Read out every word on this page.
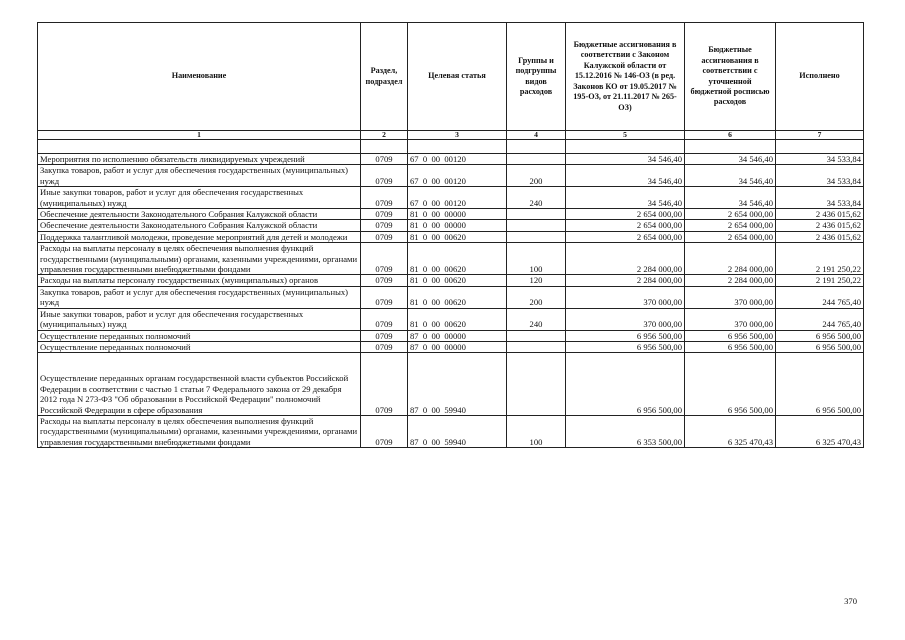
Наименование	Раздел, подраздел	Целевая статья	Группы и подгруппы видов расходов	Бюджетные ассигнования в соответствии с Законом Калужской области от 15.12.2016 № 146-ОЗ (в ред. Законов КО от 19.05.2017 № 195-ОЗ, от 21.11.2017 № 265-ОЗ)	Бюджетные ассигнования в соответствии с уточненной бюджетной росписью расходов	Исполнено
1	2	3	4	5	6	7

Мероприятия по исполнению обязательств ликвидируемых учреждений	0709	67  0  00  00120		34 546,40	34 546,40	34 533,84
Закупка товаров, работ и услуг для обеспечения государственных (муниципальных) нужд	0709	67  0  00  00120	200	34 546,40	34 546,40	34 533,84
Иные закупки товаров, работ и услуг для обеспечения государственных (муниципальных) нужд	0709	67  0  00  00120	240	34 546,40	34 546,40	34 533,84
Обеспечение деятельности Законодательного Собрания Калужской области	0709	81  0  00  00000		2 654 000,00	2 654 000,00	2 436 015,62
Обеспечение деятельности Законодательного Собрания Калужской области	0709	81  0  00  00000		2 654 000,00	2 654 000,00	2 436 015,62
Поддержка талантливой молодежи, проведение мероприятий для детей и молодежи	0709	81  0  00  00620		2 654 000,00	2 654 000,00	2 436 015,62
Расходы на выплаты персоналу в целях обеспечения выполнения функций государственными (муниципальными) органами, казенными учреждениями, органами управления государственными внебюджетными фондами	0709	81  0  00  00620	100	2 284 000,00	2 284 000,00	2 191 250,22
Расходы на выплаты персоналу государственных (муниципальных) органов	0709	81  0  00  00620	120	2 284 000,00	2 284 000,00	2 191 250,22
Закупка товаров, работ и услуг для обеспечения государственных (муниципальных) нужд	0709	81  0  00  00620	200	370 000,00	370 000,00	244 765,40
Иные закупки товаров, работ и услуг для обеспечения государственных (муниципальных) нужд	0709	81  0  00  00620	240	370 000,00	370 000,00	244 765,40
Осуществление переданных полномочий	0709	87  0  00  00000		6 956 500,00	6 956 500,00	6 956 500,00
Осуществление переданных полномочий	0709	87  0  00  00000		6 956 500,00	6 956 500,00	6 956 500,00
Осуществление переданных органам государственной власти субъектов Российской Федерации в соответствии с частью 1 статьи 7 Федерального закона от 29 декабря 2012 года N 273-ФЗ "Об образовании в Российской Федерации" полномочий Российской Федерации в сфере образования	0709	87  0  00  59940		6 956 500,00	6 956 500,00	6 956 500,00
Расходы на выплаты персоналу в целях обеспечения выполнения функций государственными (муниципальными) органами, казенными учреждениями, органами управления государственными внебюджетными фондами	0709	87  0  00  59940	100	6 353 500,00	6 325 470,43	6 325 470,43
370
